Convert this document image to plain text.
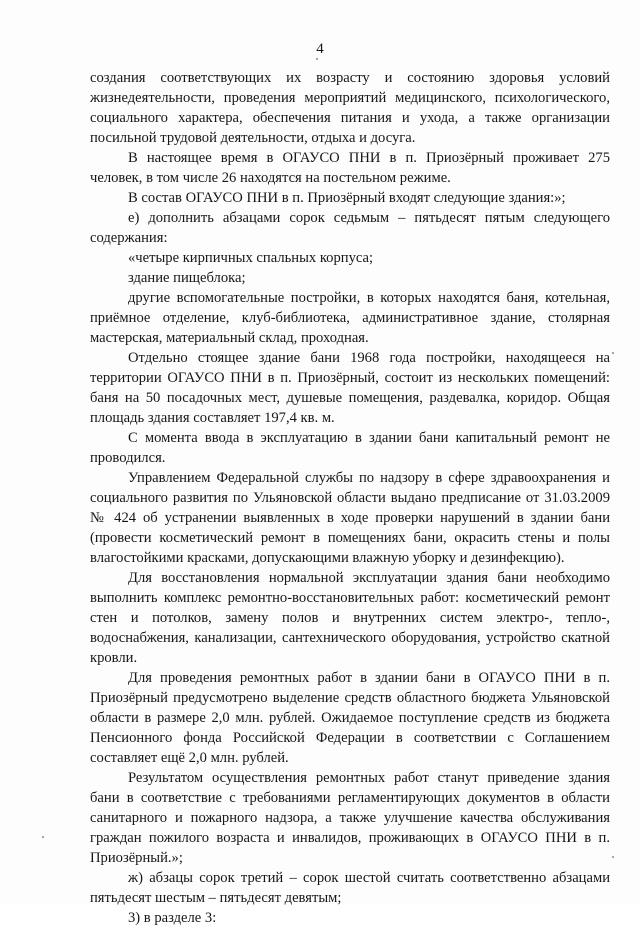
4

создания соответствующих их возрасту и состоянию здоровья условий жизнедеятельности, проведения мероприятий медицинского, психологического, социального характера, обеспечения питания и ухода, а также организации посильной трудовой деятельности, отдыха и досуга.

В настоящее время в ОГАУСО ПНИ в п. Приозёрный проживает 275 человек, в том числе 26 находятся на постельном режиме.

В состав ОГАУСО ПНИ в п. Приозёрный входят следующие здания:»;

е) дополнить абзацами сорок седьмым – пятьдесят пятым следующего содержания:

«четыре кирпичных спальных корпуса;

здание пищеблока;

другие вспомогательные постройки, в которых находятся баня, котельная, приёмное отделение, клуб-библиотека, административное здание, столярная мастерская, материальный склад, проходная.

Отдельно стоящее здание бани 1968 года постройки, находящееся на территории ОГАУСО ПНИ в п. Приозёрный, состоит из нескольких помещений: баня на 50 посадочных мест, душевые помещения, раздевалка, коридор. Общая площадь здания составляет 197,4 кв. м.

С момента ввода в эксплуатацию в здании бани капитальный ремонт не проводился.

Управлением Федеральной службы по надзору в сфере здравоохранения и социального развития по Ульяновской области выдано предписание от 31.03.2009 № 424 об устранении выявленных в ходе проверки нарушений в здании бани (провести косметический ремонт в помещениях бани, окрасить стены и полы влагостойкими красками, допускающими влажную уборку и дезинфекцию).

Для восстановления нормальной эксплуатации здания бани необходимо выполнить комплекс ремонтно-восстановительных работ: косметический ремонт стен и потолков, замену полов и внутренних систем электро-, тепло-, водоснабжения, канализации, сантехнического оборудования, устройство скатной кровли.

Для проведения ремонтных работ в здании бани в ОГАУСО ПНИ в п. Приозёрный предусмотрено выделение средств областного бюджета Ульяновской области в размере 2,0 млн. рублей. Ожидаемое поступление средств из бюджета Пенсионного фонда Российской Федерации в соответствии с Соглашением составляет ещё 2,0 млн. рублей.

Результатом осуществления ремонтных работ станут приведение здания бани в соответствие с требованиями регламентирующих документов в области санитарного и пожарного надзора, а также улучшение качества обслуживания граждан пожилого возраста и инвалидов, проживающих в ОГАУСО ПНИ в п. Приозёрный.»;

ж) абзацы сорок третий – сорок шестой считать соответственно абзацами пятьдесят шестым – пятьдесят девятым;

3) в разделе 3:
